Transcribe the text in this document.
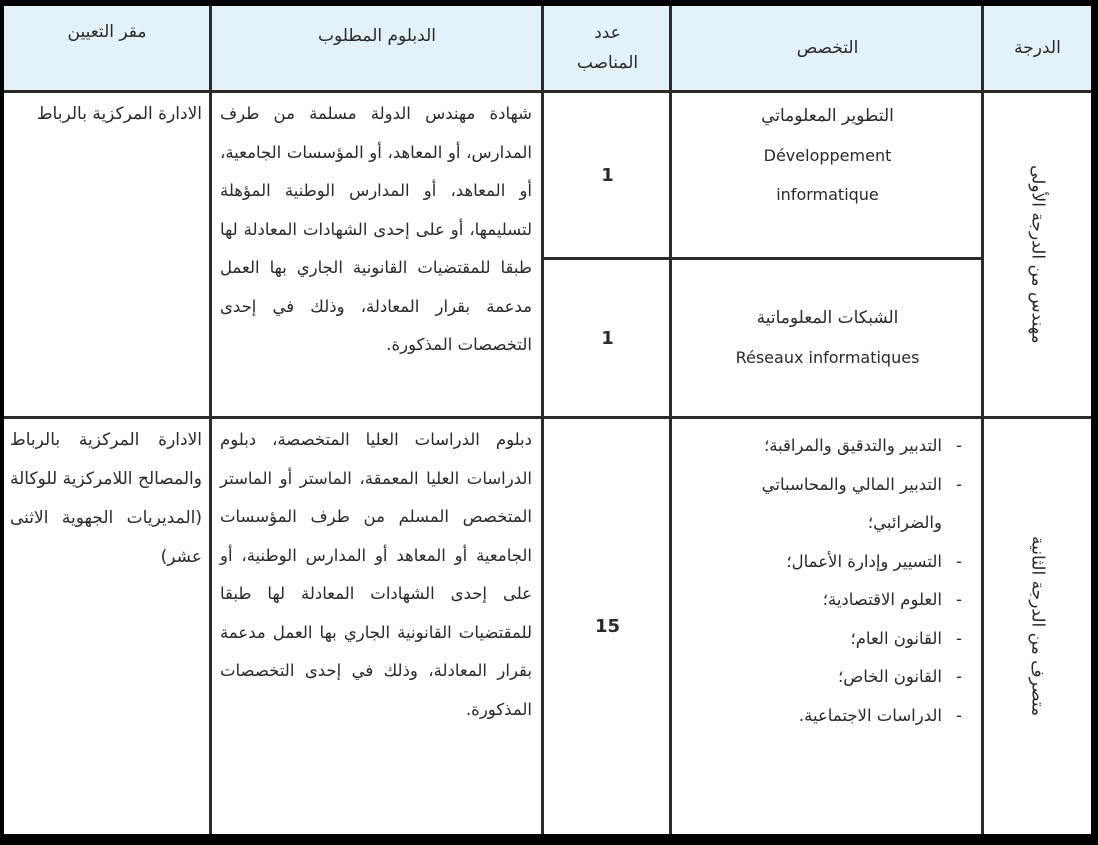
الدرجة
التخصص
عدد
المناصب
الدبلوم المطلوب
مقر التعيين
مهندس من الدرجة الأولى
التطوير المعلوماتي
Développement
informatique
الشبكات المعلوماتية
Réseaux informatiques
1
1
شهادة مهندس الدولة مسلمة من طرف المدارس، أو المعاهد، أو المؤسسات الجامعية، أو المعاهد، أو المدارس الوطنية المؤهلة لتسليمها، أو على إحدى الشهادات المعادلة لها طبقا للمقتضيات القانونية الجاري بها العمل مدعمة بقرار المعادلة، وذلك في إحدى التخصصات المذكورة.
الادارة المركزية بالرباط
متصرف من الدرجة الثانية
- التدبير والتدقيق والمراقبة؛
- التدبير المالي والمحاسباتي
والضرائبي؛
- التسيير وإدارة الأعمال؛
- العلوم الاقتصادية؛
- القانون العام؛
- القانون الخاص؛
- الدراسات الاجتماعية.
15
دبلوم الدراسات العليا المتخصصة، دبلوم الدراسات العليا المعمقة، الماستر أو الماستر المتخصص المسلم من طرف المؤسسات الجامعية أو المعاهد أو المدارس الوطنية، أو على إحدى الشهادات المعادلة لها طبقا للمقتضيات القانونية الجاري بها العمل مدعمة بقرار المعادلة، وذلك في إحدى التخصصات المذكورة.
الادارة المركزية بالرباط والمصالح اللامركزية للوكالة (المديريات الجهوية الاثنى عشر)
